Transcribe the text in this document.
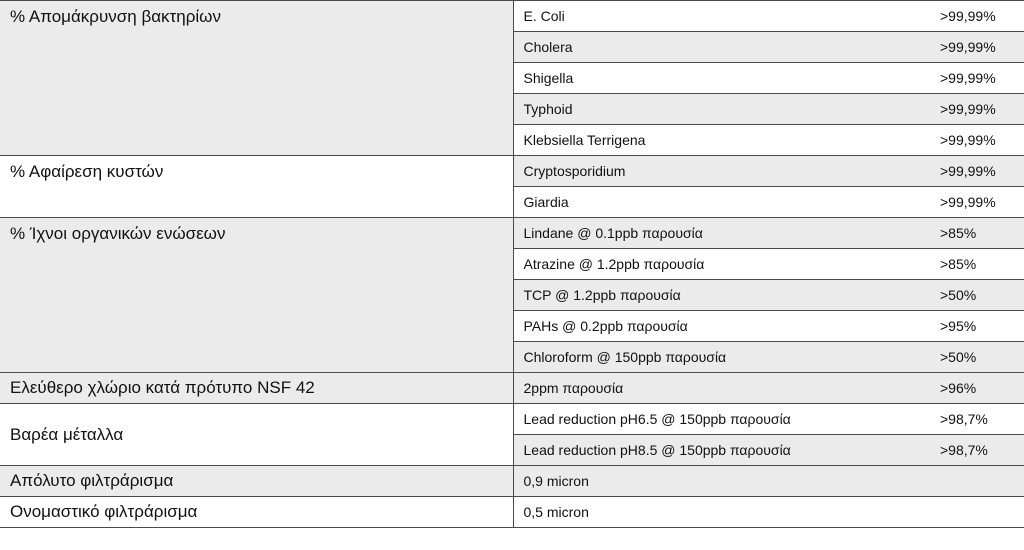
% Απομάκρυνση βακτηρίων	E. Coli	>99,99%
	Cholera	>99,99%
	Shigella	>99,99%
	Typhoid	>99,99%
	Klebsiella Terrigena	>99,99%
% Αφαίρεση κυστών	Cryptosporidium	>99,99%
	Giardia	>99,99%
% Ίχνοι οργανικών ενώσεων	Lindane @ 0.1ppb παρουσία	>85%
	Atrazine @ 1.2ppb παρουσία	>85%
	TCP @ 1.2ppb παρουσία	>50%
	PAHs @ 0.2ppb παρουσία	>95%
	Chloroform @ 150ppb παρουσία	>50%
Ελεύθερο χλώριο κατά πρότυπο NSF 42	2ppm παρουσία	>96%
Βαρέα μέταλλα	Lead reduction pH6.5 @ 150ppb παρουσία	>98,7%
	Lead reduction pH8.5 @ 150ppb παρουσία	>98,7%
Απόλυτο φιλτράρισμα	0,9 micron	
Ονομαστικό φιλτράρισμα	0,5 micron	
